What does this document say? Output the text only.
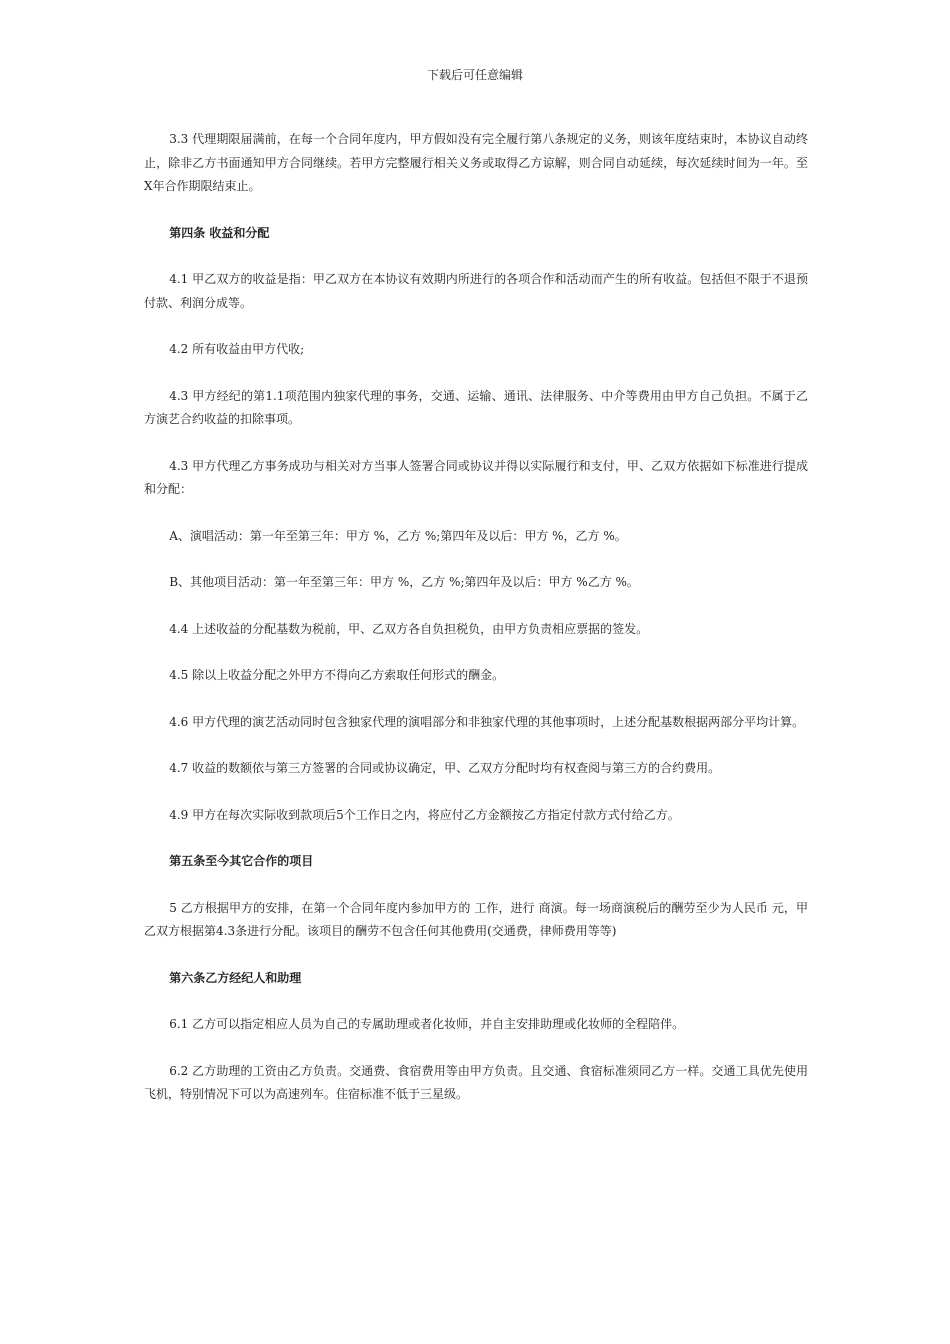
下载后可任意编辑

3.3 代理期限届满前，在每一个合同年度内，甲方假如没有完全履行第八条规定的义务，则该年度结束时，本协议自动终止，除非乙方书面通知甲方合同继续。若甲方完整履行相关义务或取得乙方谅解，则合同自动延续，每次延续时间为一年。至X年合作期限结束止。

第四条 收益和分配

4.1 甲乙双方的收益是指：甲乙双方在本协议有效期内所进行的各项合作和活动而产生的所有收益。包括但不限于不退预付款、利润分成等。

4.2 所有收益由甲方代收;

4.3 甲方经纪的第1.1项范围内独家代理的事务，交通、运输、通讯、法律服务、中介等费用由甲方自己负担。不属于乙方演艺合约收益的扣除事项。

4.3 甲方代理乙方事务成功与相关对方当事人签署合同或协议并得以实际履行和支付，甲、乙双方依据如下标准进行提成和分配：

A、演唱活动：第一年至第三年：甲方 %，乙方 %;第四年及以后：甲方 %，乙方 %。

B、其他项目活动：第一年至第三年：甲方 %，乙方 %;第四年及以后：甲方 %乙方 %。

4.4 上述收益的分配基数为税前，甲、乙双方各自负担税负，由甲方负责相应票据的签发。

4.5 除以上收益分配之外甲方不得向乙方索取任何形式的酬金。

4.6 甲方代理的演艺活动同时包含独家代理的演唱部分和非独家代理的其他事项时，上述分配基数根据两部分平均计算。

4.7 收益的数额依与第三方签署的合同或协议确定，甲、乙双方分配时均有权查阅与第三方的合约费用。

4.9 甲方在每次实际收到款项后5个工作日之内，将应付乙方金额按乙方指定付款方式付给乙方。

第五条至今其它合作的项目

5 乙方根据甲方的安排，在第一个合同年度内参加甲方的 工作，进行 商演。每一场商演税后的酬劳至少为人民币 元，甲乙双方根据第4.3条进行分配。该项目的酬劳不包含任何其他费用(交通费，律师费用等等)

第六条乙方经纪人和助理

6.1 乙方可以指定相应人员为自己的专属助理或者化妆师，并自主安排助理或化妆师的全程陪伴。

6.2 乙方助理的工资由乙方负责。交通费、食宿费用等由甲方负责。且交通、食宿标准须同乙方一样。交通工具优先使用飞机，特别情况下可以为高速列车。住宿标准不低于三星级。
